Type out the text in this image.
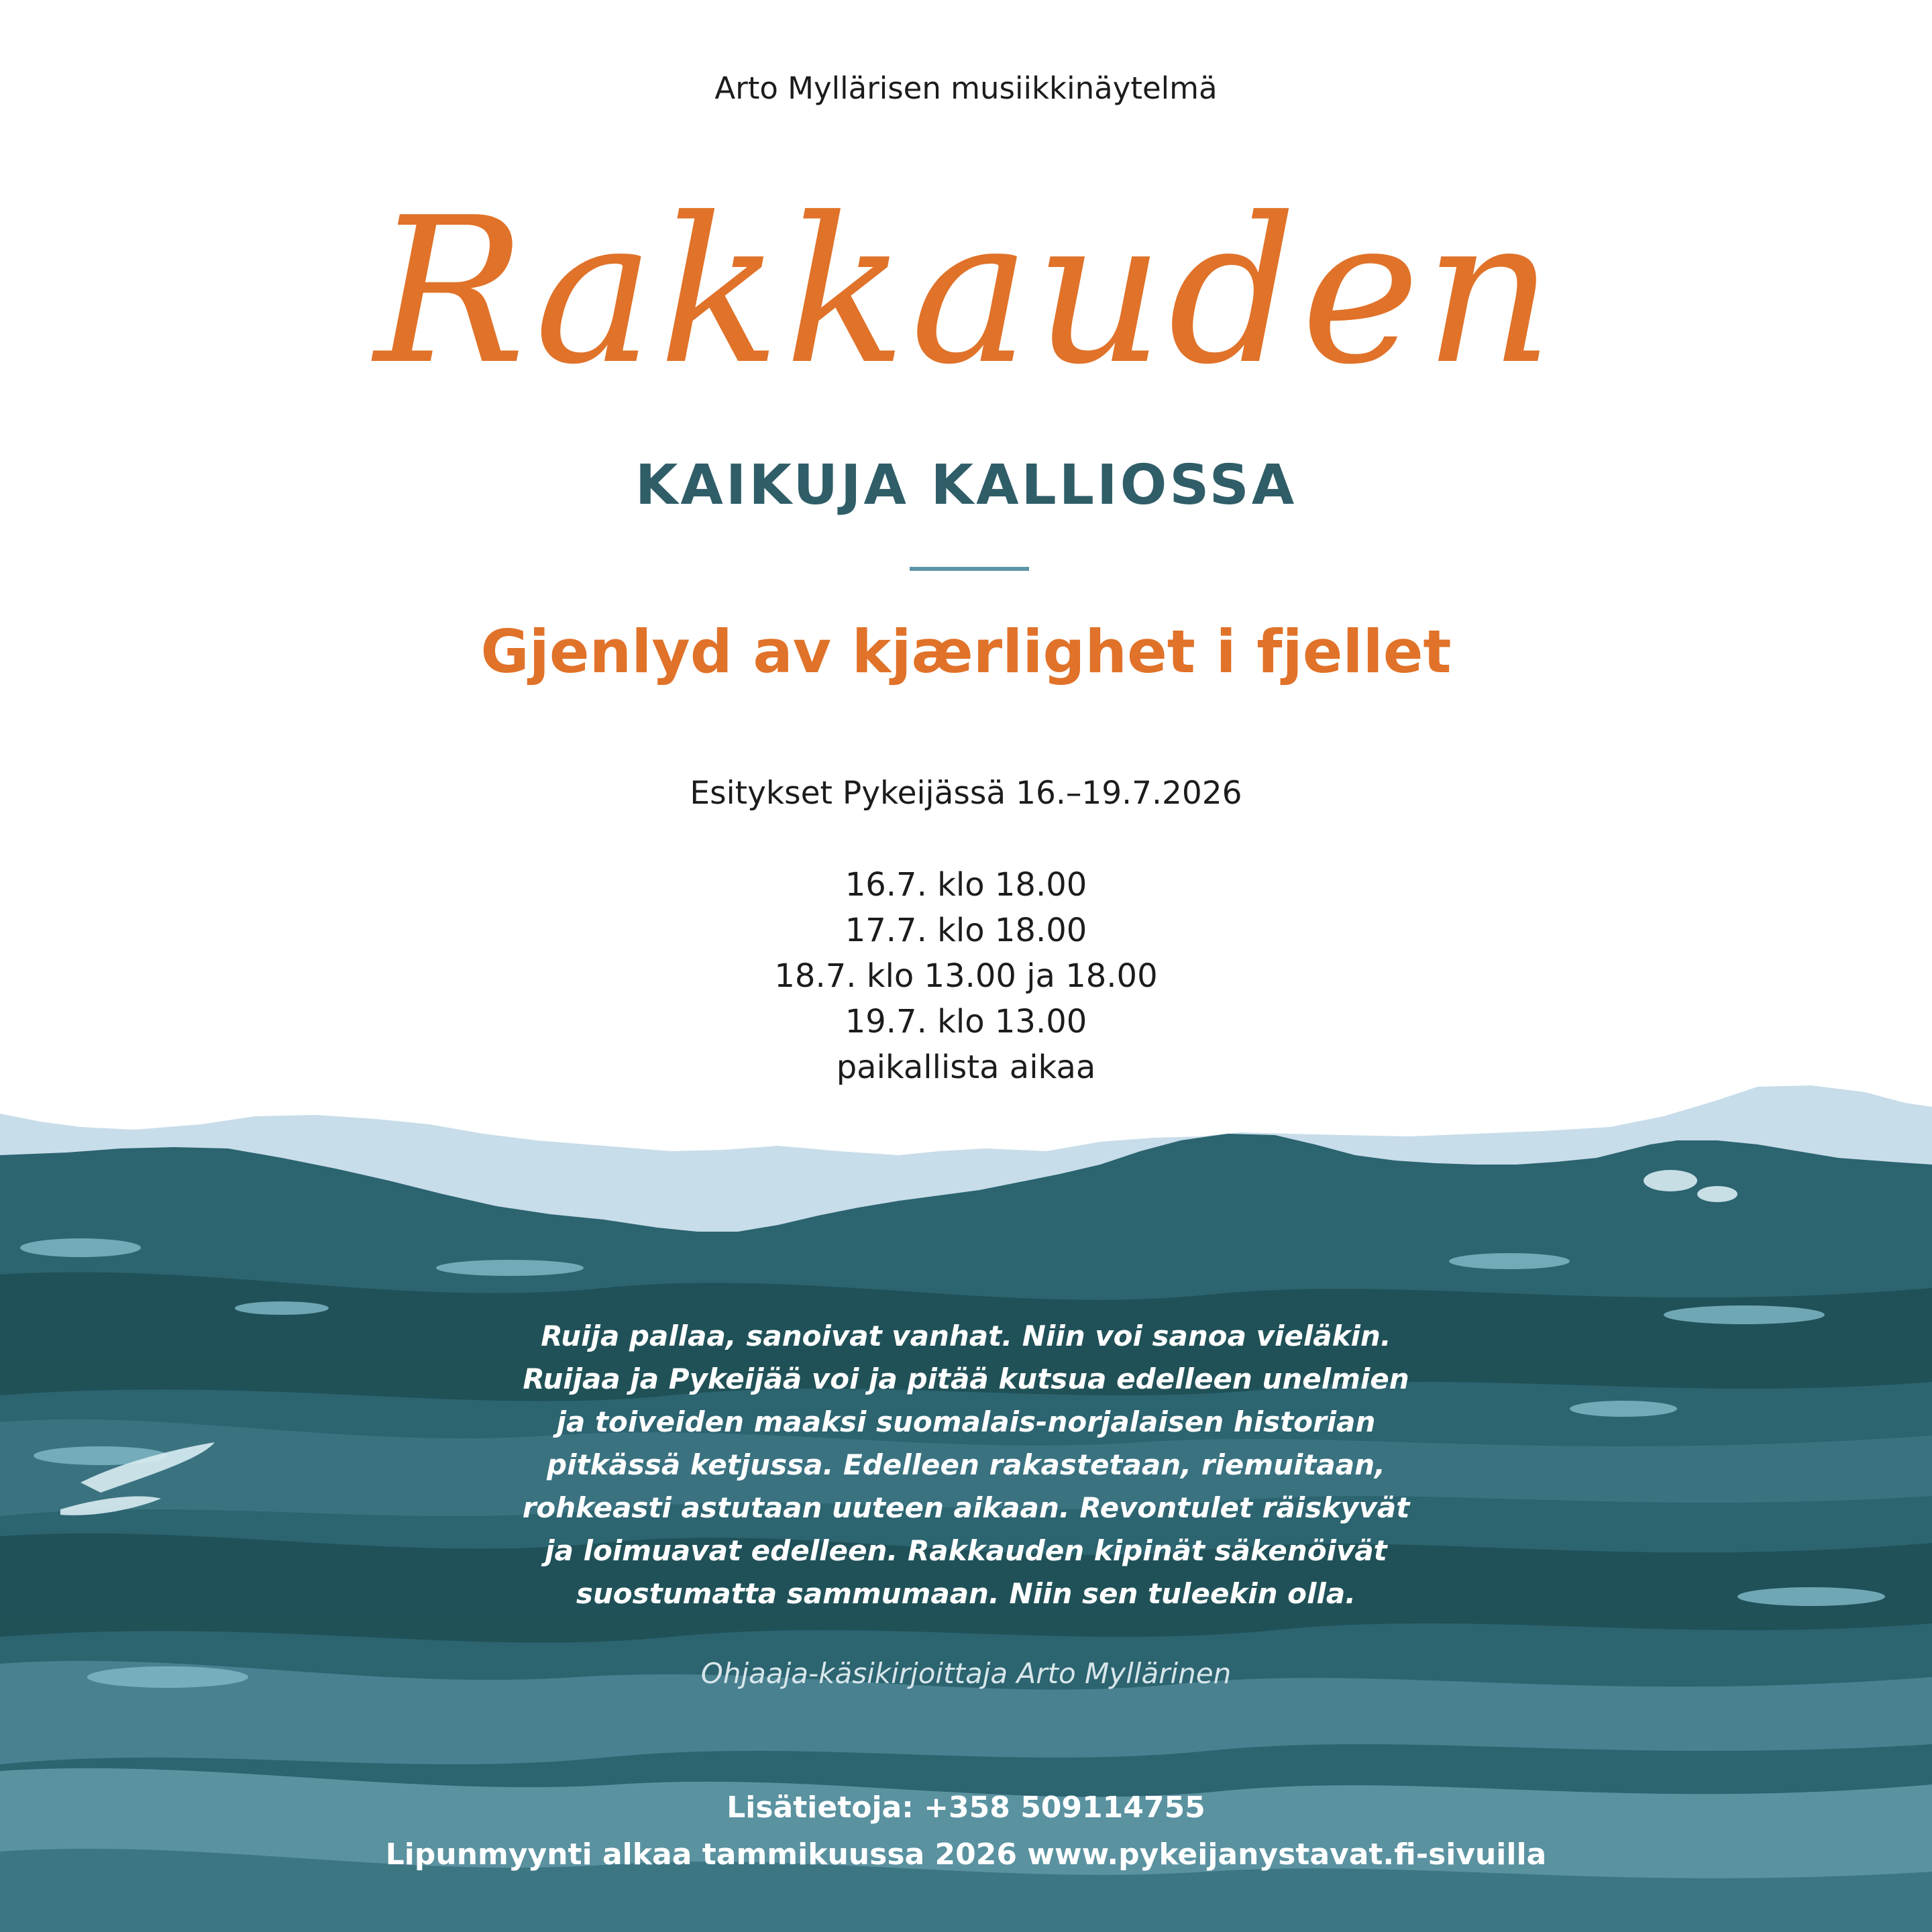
Arto Myllärisen musiikkinäytelmä
Rakkauden
KAIKUJA KALLIOSSA
Gjenlyd av kjærlighet i fjellet
Esitykset Pykeijässä 16.–19.7.2026
16.7. klo 18.00
17.7. klo 18.00
18.7. klo 13.00 ja 18.00
19.7. klo 13.00
paikallista aikaa
Ruija pallaa, sanoivat vanhat. Niin voi sanoa vieläkin.
Ruijaa ja Pykeijää voi ja pitää kutsua edelleen unelmien
ja toiveiden maaksi suomalais-norjalaisen historian
pitkässä ketjussa. Edelleen rakastetaan, riemuitaan,
rohkeasti astutaan uuteen aikaan. Revontulet räiskyvät
ja loimuavat edelleen. Rakkauden kipinät säkenöivät
suostumatta sammumaan. Niin sen tuleekin olla.
Ohjaaja-käsikirjoittaja Arto Myllärinen
Lisätietoja: +358 509114755
Lipunmyynti alkaa tammikuussa 2026 www.pykeijanystavat.fi-sivuilla
